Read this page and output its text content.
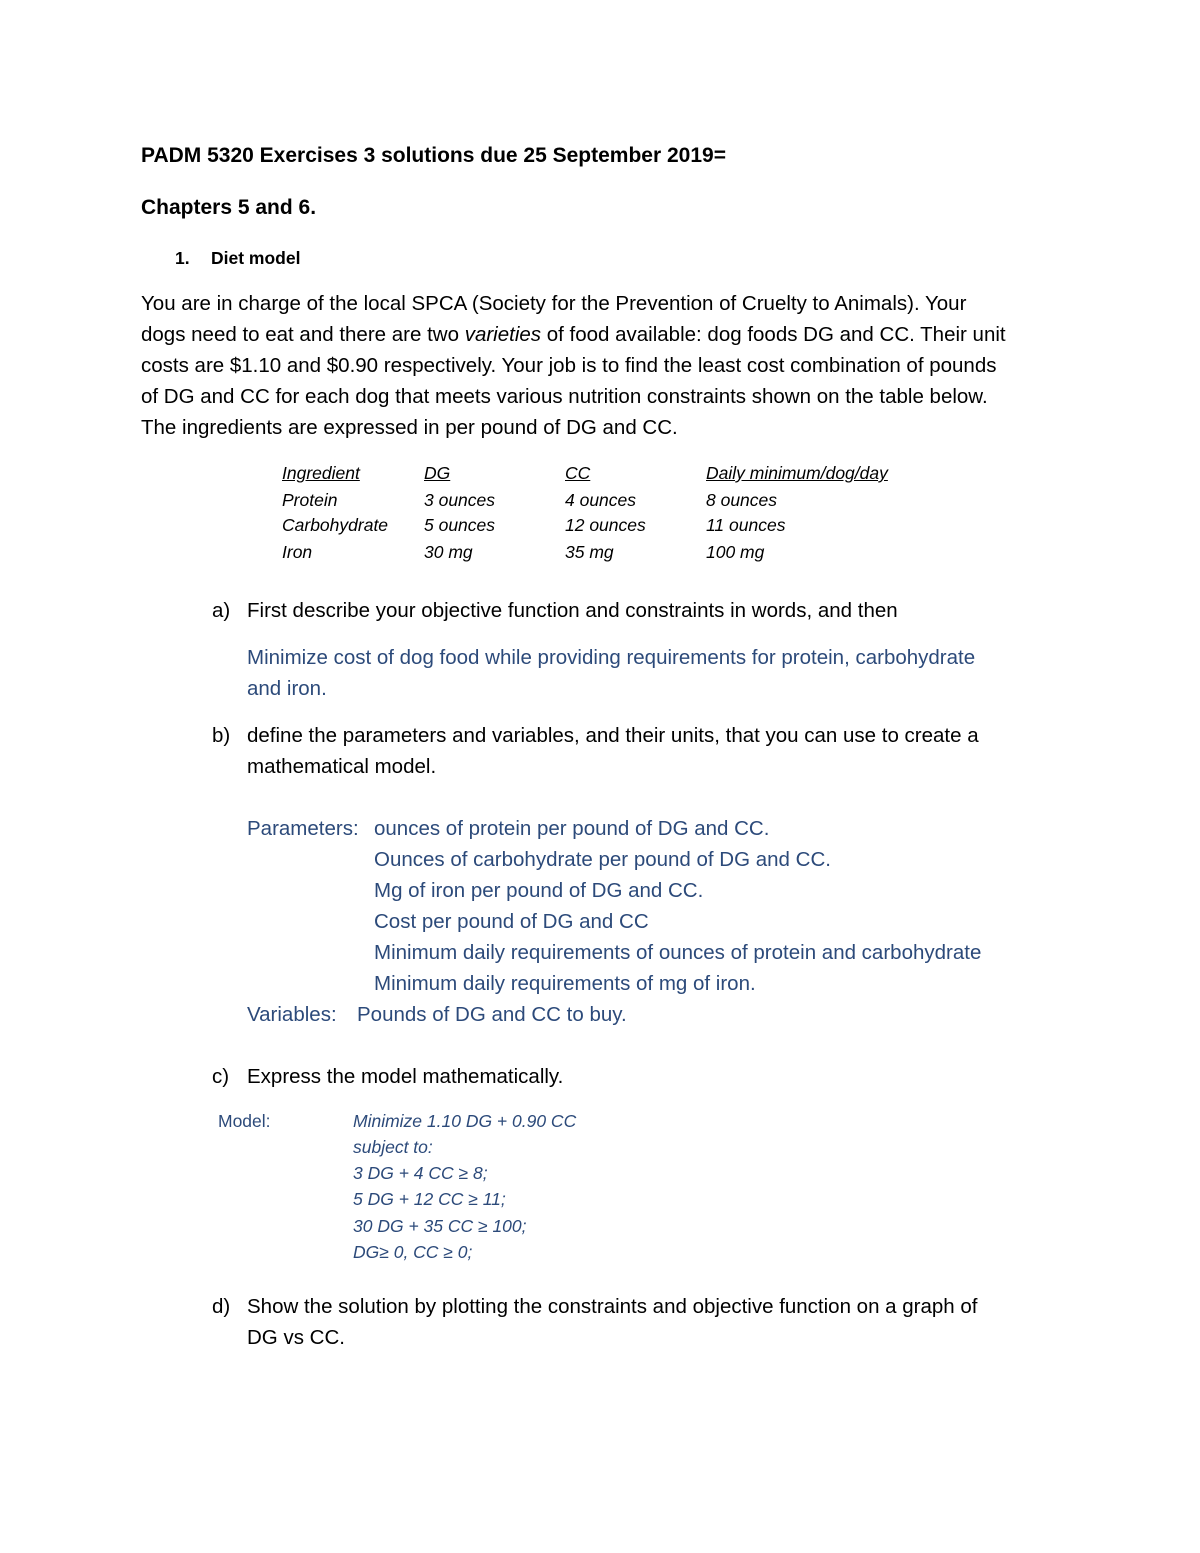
PADM 5320 Exercises 3 solutions due 25 September 2019=
Chapters 5 and 6.
1. Diet model
You are in charge of the local SPCA (Society for the Prevention of Cruelty to Animals). Your
dogs need to eat and there are two varieties of food available: dog foods DG and CC. Their unit
costs are $1.10 and $0.90 respectively. Your job is to find the least cost combination of pounds
of DG and CC for each dog that meets various nutrition constraints shown on the table below.
The ingredients are expressed in per pound of DG and CC.
Ingredient	DG	CC	Daily minimum/dog/day
Protein	3 ounces	4 ounces	8 ounces
Carbohydrate 5 ounces	12 ounces	11 ounces
Iron	30 mg	35 mg	100 mg
a) First describe your objective function and constraints in words, and then
Minimize cost of dog food while providing requirements for protein, carbohydrate
and iron.
b) define the parameters and variables, and their units, that you can use to create a
mathematical model.
Parameters: ounces of protein per pound of DG and CC.
Ounces of carbohydrate per pound of DG and CC.
Mg of iron per pound of DG and CC.
Cost per pound of DG and CC
Minimum daily requirements of ounces of protein and carbohydrate
Minimum daily requirements of mg of iron.
Variables: Pounds of DG and CC to buy.
c) Express the model mathematically.
Model:	Minimize 1.10 DG + 0.90 CC
subject to:
3 DG + 4 CC ≥ 8;
5 DG + 12 CC ≥ 11;
30 DG + 35 CC ≥ 100;
DG≥ 0, CC ≥ 0;
d) Show the solution by plotting the constraints and objective function on a graph of
DG vs CC.
